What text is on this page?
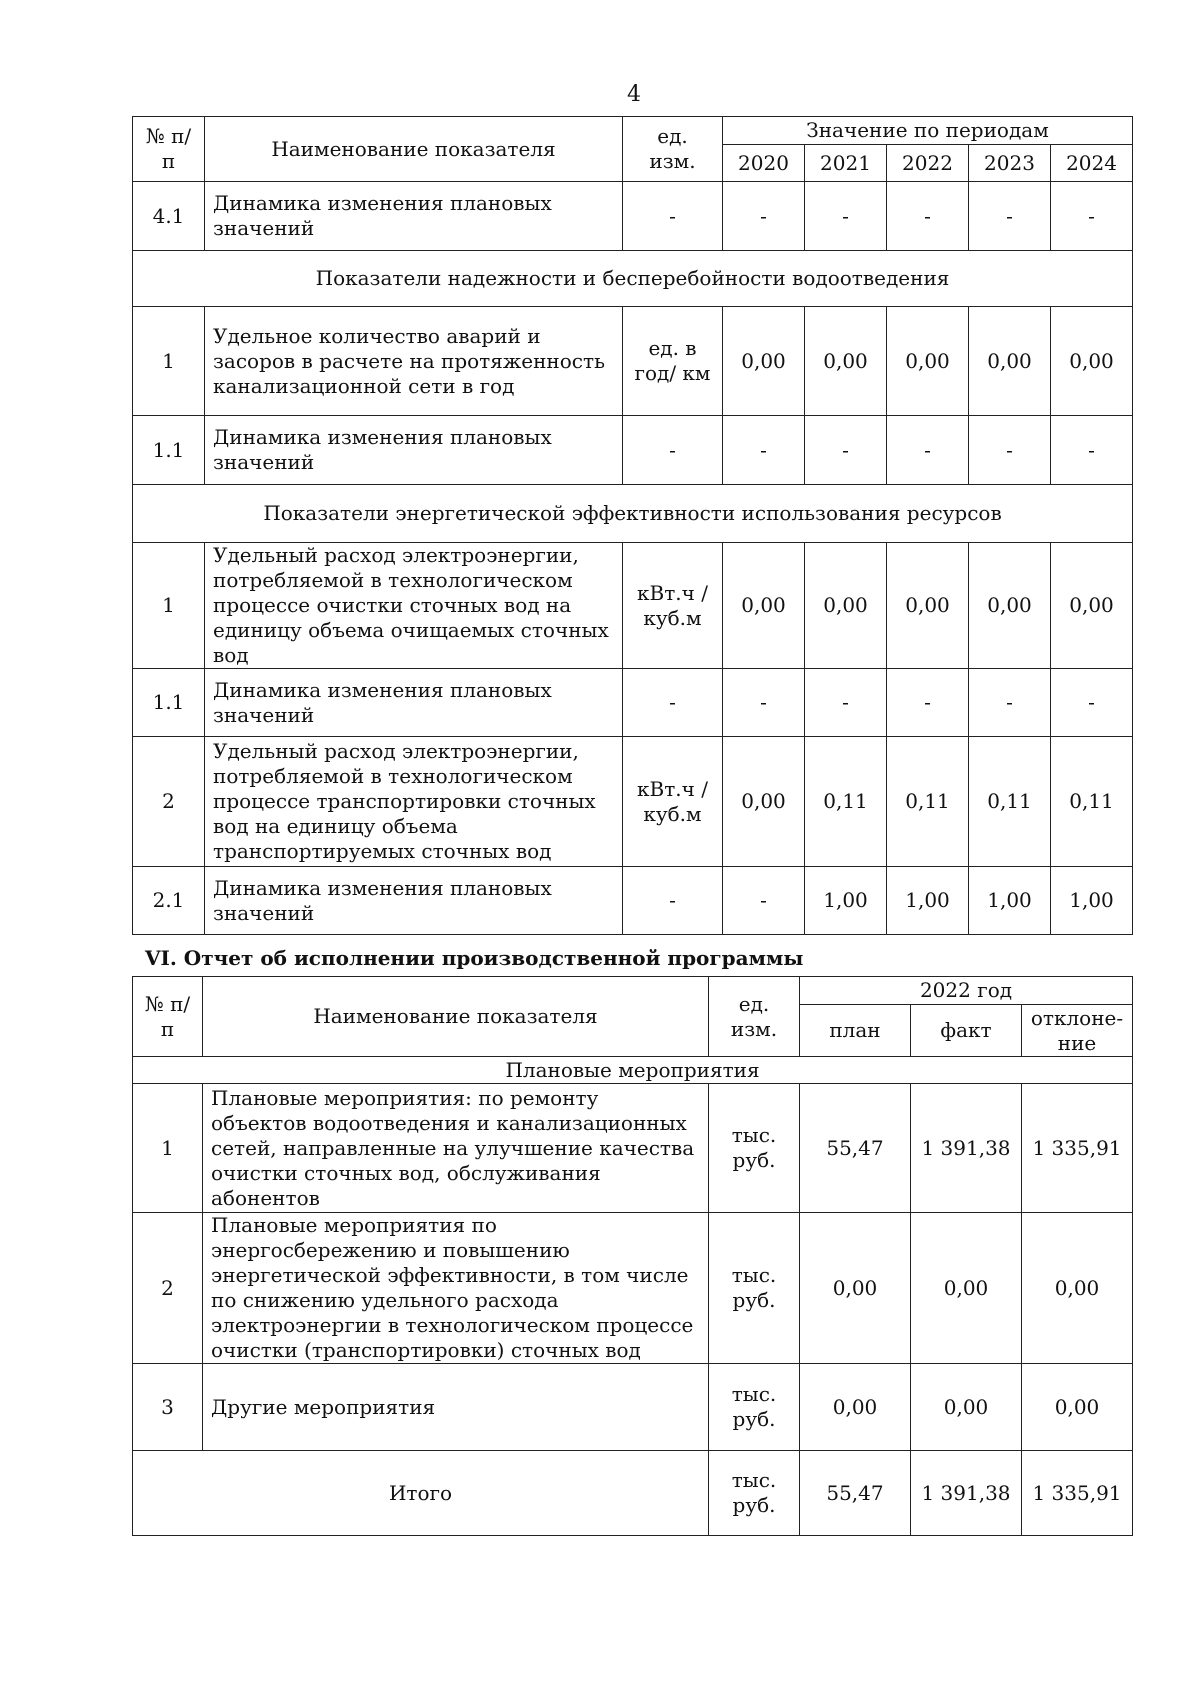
4
№ п/п	Наименование показателя	ед. изм.	Значение по периодам				
			2020	2021	2022	2023	2024
4.1	Динамика изменения плановых значений	-	-	-	-	-	-
Показатели надежности и бесперебойности водоотведения							
1	Удельное количество аварий и засоров в расчете на протяженность канализационной сети в год	ед. в год/ км	0,00	0,00	0,00	0,00	0,00
1.1	Динамика изменения плановых значений	-	-	-	-	-	-
Показатели энергетической эффективности использования ресурсов							
1	Удельный расход электроэнергии, потребляемой в технологическом процессе очистки сточных вод на единицу объема очищаемых сточных вод	кВт.ч / куб.м	0,00	0,00	0,00	0,00	0,00
1.1	Динамика изменения плановых значений	-	-	-	-	-	-
2	Удельный расход электроэнергии, потребляемой в технологическом процессе транспортировки сточных вод на единицу объема транспортируемых сточных вод	кВт.ч / куб.м	0,00	0,11	0,11	0,11	0,11
2.1	Динамика изменения плановых значений	-	-	1,00	1,00	1,00	1,00
VI. Отчет об исполнении производственной программы
№ п/п	Наименование показателя	ед. изм.	2022 год		
			план	факт	отклоне-ние
Плановые мероприятия					
1	Плановые мероприятия: по ремонту объектов водоотведения и канализационных сетей, направленные на улучшение качества очистки сточных вод, обслуживания абонентов	тыс. руб.	55,47	1 391,38	1 335,91
2	Плановые мероприятия по энергосбережению и повышению энергетической эффективности, в том числе по снижению удельного расхода электроэнергии в технологическом процессе очистки (транспортировки) сточных вод	тыс. руб.	0,00	0,00	0,00
3	Другие мероприятия	тыс. руб.	0,00	0,00	0,00
Итого		тыс. руб.	55,47	1 391,38	1 335,91
